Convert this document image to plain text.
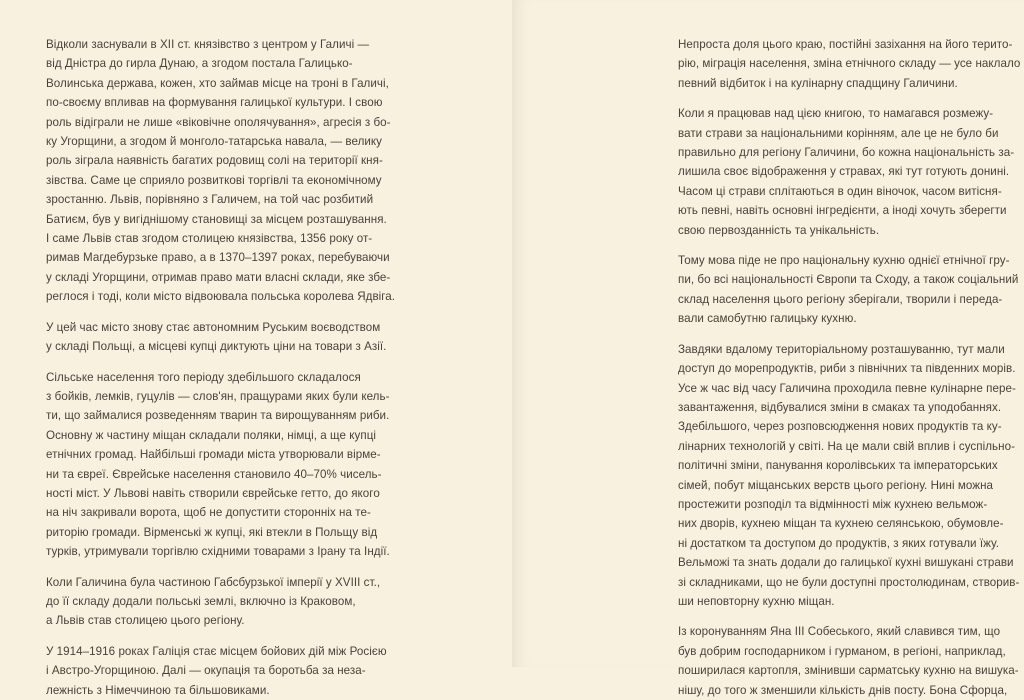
Відколи заснували в ХІІ ст. князівство з центром у Галичі —
від Дністра до гирла Дунаю, а згодом постала Галицько-
Волинська держава, кожен, хто займав місце на троні в Галичі,
по-своєму впливав на формування галицької культури. І свою
роль відіграли не лише «віковічне ополячування», агресія з бо-
ку Угорщини, а згодом й монголо-татарська навала, — велику
роль зіграла наявність багатих родовищ солі на території кня-
зівства. Саме це сприяло розвиткові торгівлі та економічному
зростанню. Львів, порівняно з Галичем, на той час розбитий
Батиєм, був у вигіднішому становищі за місцем розташування.
І саме Львів став згодом столицею князівства, 1356 року от-
римав Магдебурзьке право, а в 1370–1397 роках, перебуваючи
у складі Угорщини, отримав право мати власні склади, яке збе-
реглося і тоді, коли місто відвоювала польська королева Ядвіга.

У цей час місто знову стає автономним Руським воєводством
у складі Польщі, а місцеві купці диктують ціни на товари з Азії.

Сільське населення того періоду здебільшого складалося
з бойків, лемків, гуцулів — слов'ян, пращурами яких були кель-
ти, що займалися розведенням тварин та вирощуванням риби.
Основну ж частину міщан складали поляки, німці, а ще купці
етнічних громад. Найбільші громади міста утворювали вірме-
ни та євреї. Єврейське населення становило 40–70% чисель-
ності міст. У Львові навіть створили єврейське гетто, до якого
на ніч закривали ворота, щоб не допустити сторонніх на те-
риторію громади. Вірменські ж купці, які втекли в Польщу від
турків, утримували торгівлю східними товарами з Ірану та Індії.

Коли Галичина була частиною Габсбурзької імперії у XVIII ст.,
до її складу додали польські землі, включно із Краковом,
а Львів став столицею цього регіону.

У 1914–1916 роках Галіція стає місцем бойових дій між Росією
і Австро-Угорщиною. Далі — окупація та боротьба за неза-
лежність з Німеччиною та більшовиками.

Непроста доля цього краю, постійні зазіхання на його терито-
рію, міграція населення, зміна етнічного складу — усе наклало
певний відбиток і на кулінарну спадщину Галичини.

Коли я працював над цією книгою, то намагався розмежу-
вати страви за національними корінням, але це не було би
правильно для регіону Галичини, бо кожна національність за-
лишила своє відображення у стравах, які тут готують донині.
Часом ці страви сплітаються в один віночок, часом витісня-
ють певні, навіть основні інгредієнти, а іноді хочуть зберегти
свою первозданність та унікальність.

Тому мова піде не про національну кухню однієї етнічної гру-
пи, бо всі національності Європи та Сходу, а також соціальний
склад населення цього регіону зберігали, творили і переда-
вали самобутню галицьку кухню.

Завдяки вдалому територіальному розташуванню, тут мали
доступ до морепродуктів, риби з північних та південних морів.
Усе ж час від часу Галичина проходила певне кулінарне пере-
завантаження, відбувалися зміни в смаках та уподобаннях.
Здебільшого, через розповсюдження нових продуктів та ку-
лінарних технологій у світі. На це мали свій вплив і суспільно-
політичні зміни, панування королівських та імператорських
сімей, побут міщанських верств цього регіону. Нині можна
простежити розподіл та відмінності між кухнею вельмож-
них дворів, кухнею міщан та кухнею селянською, обумовле-
ні достатком та доступом до продуктів, з яких готували їжу.
Вельможі та знать додали до галицької кухні вишукані страви
зі складниками, що не були доступні простолюдинам, створив-
ши неповторну кухню міщан.

Із коронуванням Яна III Собеського, який славився тим, що
був добрим господарником і гурманом, в регіоні, наприклад,
поширилася картопля, змінивши сарматську кухню на вишука-
нішу, до того ж зменшили кількість днів посту. Бона Сфорца,
